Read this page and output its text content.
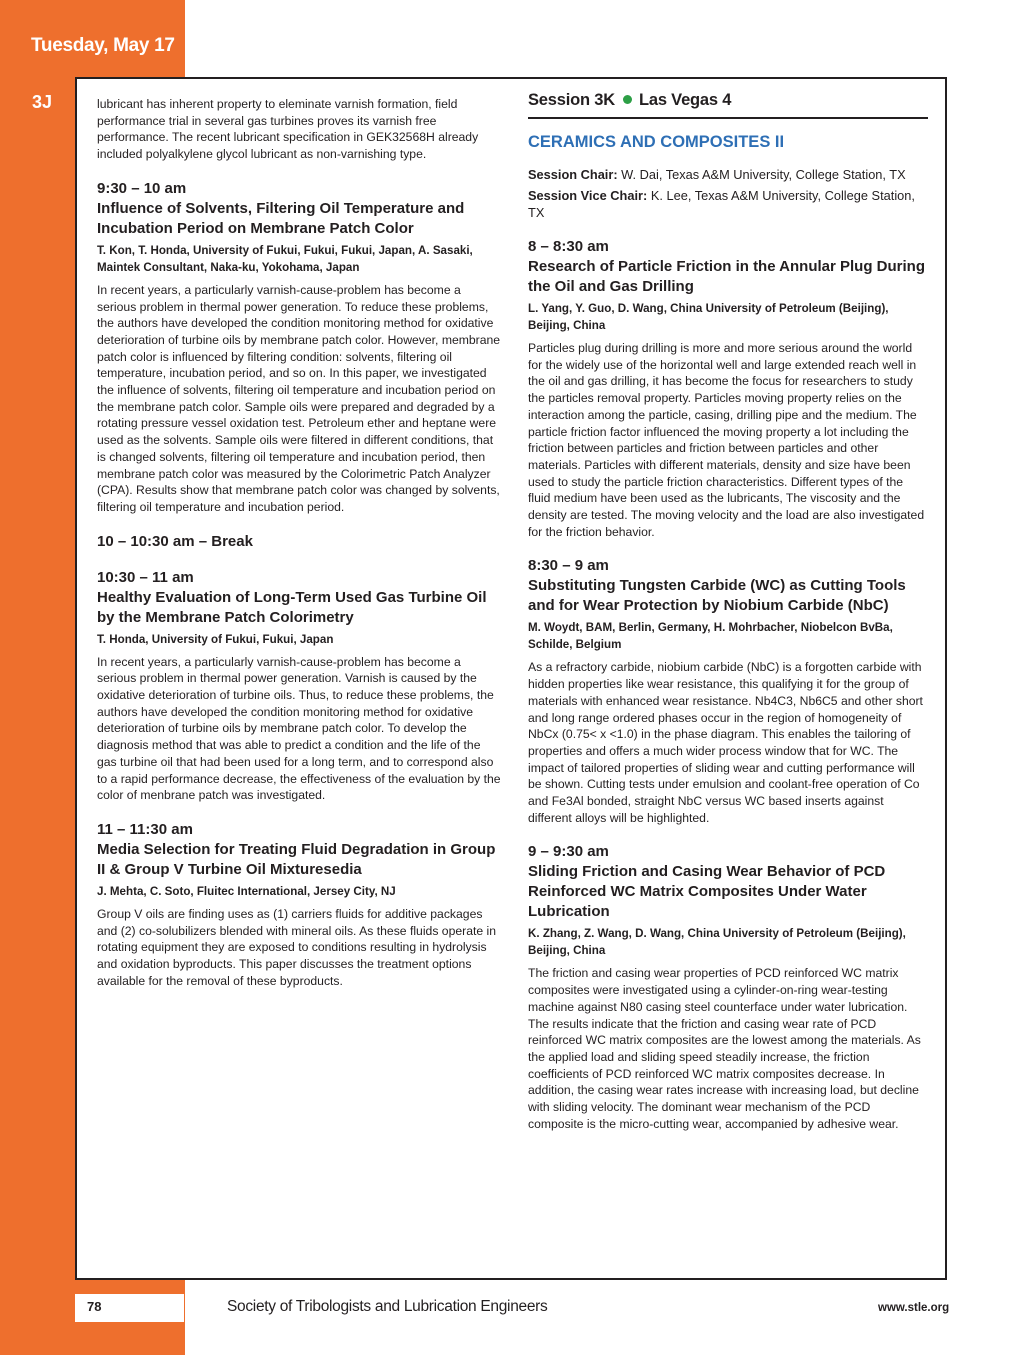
Tuesday, May 17
3J	lubricant has inherent property to eleminate varnish formation, field performance trial in several gas turbines proves its varnish free performance. The recent lubricant specification in GEK32568H already included polyalkylene glycol lubricant as non-varnishing type.

9:30 – 10 am

Influence of Solvents, Filtering Oil Temperature and Incubation Period on Membrane Patch Color

T. Kon, T. Honda, University of Fukui, Fukui, Fukui, Japan, A. Sasaki, Maintek Consultant, Naka-ku, Yokohama, Japan

In recent years, a particularly varnish-cause-problem has become a serious problem in thermal power generation. To reduce these problems, the authors have developed the condition monitoring method for oxidative deterioration of turbine oils by membrane patch color. However, membrane patch color is influenced by filtering condition: solvents, filtering oil temperature, incubation period, and so on. In this paper, we investigated the influence of solvents, filtering oil temperature and incubation period on the membrane patch color. Sample oils were prepared and degraded by a rotating pressure vessel oxidation test. Petroleum ether and heptane were used as the solvents. Sample oils were filtered in different conditions, that is changed solvents, filtering oil temperature and incubation period, then membrane patch color was measured by the Colorimetric Patch Analyzer (CPA). Results show that membrane patch color was changed by solvents, filtering oil temperature and incubation period.

10 – 10:30 am – Break

10:30 – 11 am

Healthy Evaluation of Long-Term Used Gas Turbine Oil by the Membrane Patch Colorimetry

T. Honda, University of Fukui, Fukui, Japan

In recent years, a particularly varnish-cause-problem has become a serious problem in thermal power generation. Varnish is caused by the oxidative deterioration of turbine oils. Thus, to reduce these problems, the authors have developed the condition monitoring method for oxidative deterioration of turbine oils by membrane patch color. To develop the diagnosis method that was able to predict a condition and the life of the gas turbine oil that had been used for a long term, and to correspond also to a rapid performance decrease, the effectiveness of the evaluation by the color of menbrane patch was investigated.

11 – 11:30 am

Media Selection for Treating Fluid Degradation in Group II & Group V Turbine Oil Mixturesedia

J. Mehta, C. Soto, Fluitec International, Jersey City, NJ

Group V oils are finding uses as (1) carriers fluids for additive packages and (2) co-solubilizers blended with mineral oils. As these fluids operate in rotating equipment they are exposed to conditions resulting in hydrolysis and oxidation byproducts. This paper discusses the treatment options available for the removal of these byproducts.

Session 3K Las Vegas 4
CERAMICS AND COMPOSITES II

Session Chair: W. Dai, Texas A&M University, College Station, TX

Session Vice Chair: K. Lee, Texas A&M University, College Station, TX

8 – 8:30 am

Research of Particle Friction in the Annular Plug During the Oil and Gas Drilling

L. Yang, Y. Guo, D. Wang, China University of Petroleum (Beijing), Beijing, China

Particles plug during drilling is more and more serious around the world for the widely use of the horizontal well and large extended reach well in the oil and gas drilling, it has become the focus for researchers to study the particles removal property. Particles moving property relies on the interaction among the particle, casing, drilling pipe and the medium. The particle friction factor influenced the moving property a lot including the friction between particles and friction between particles and other materials. Particles with different materials, density and size have been used to study the particle friction characteristics. Different types of the fluid medium have been used as the lubricants, The viscosity and the density are tested. The moving velocity and the load are also investigated for the friction behavior.

8:30 – 9 am

Substituting Tungsten Carbide (WC) as Cutting Tools and for Wear Protection by Niobium Carbide (NbC)

M. Woydt, BAM, Berlin, Germany, H. Mohrbacher, Niobelcon BvBa, Schilde, Belgium

As a refractory carbide, niobium carbide (NbC) is a forgotten carbide with hidden properties like wear resistance, this qualifying it for the group of materials with enhanced wear resistance. Nb4C3, Nb6C5 and other short and long range ordered phases occur in the region of homogeneity of NbCx (0.75< x <1.0) in the phase diagram. This enables the tailoring of properties and offers a much wider process window that for WC. The impact of tailored properties of sliding wear and cutting performance will be shown. Cutting tests under emulsion and coolant-free operation of Co and Fe3Al bonded, straight NbC versus WC based inserts against different alloys will be highlighted.

9 – 9:30 am

Sliding Friction and Casing Wear Behavior of PCD Reinforced WC Matrix Composites Under Water Lubrication

K. Zhang, Z. Wang, D. Wang, China University of Petroleum (Beijing), Beijing, China

The friction and casing wear properties of PCD reinforced WC matrix composites were investigated using a cylinder-on-ring wear-testing machine against N80 casing steel counterface under water lubrication. The results indicate that the friction and casing wear rate of PCD reinforced WC matrix composites are the lowest among the materials. As the applied load and sliding speed steadily increase, the friction coefficients of PCD reinforced WC matrix composites decrease. In addition, the casing wear rates increase with increasing load, but decline with sliding velocity. The dominant wear mechanism of the PCD composite is the micro-cutting wear, accompanied by adhesive wear.

78	Society of Tribologists and Lubrication Engineers	www.stle.org
